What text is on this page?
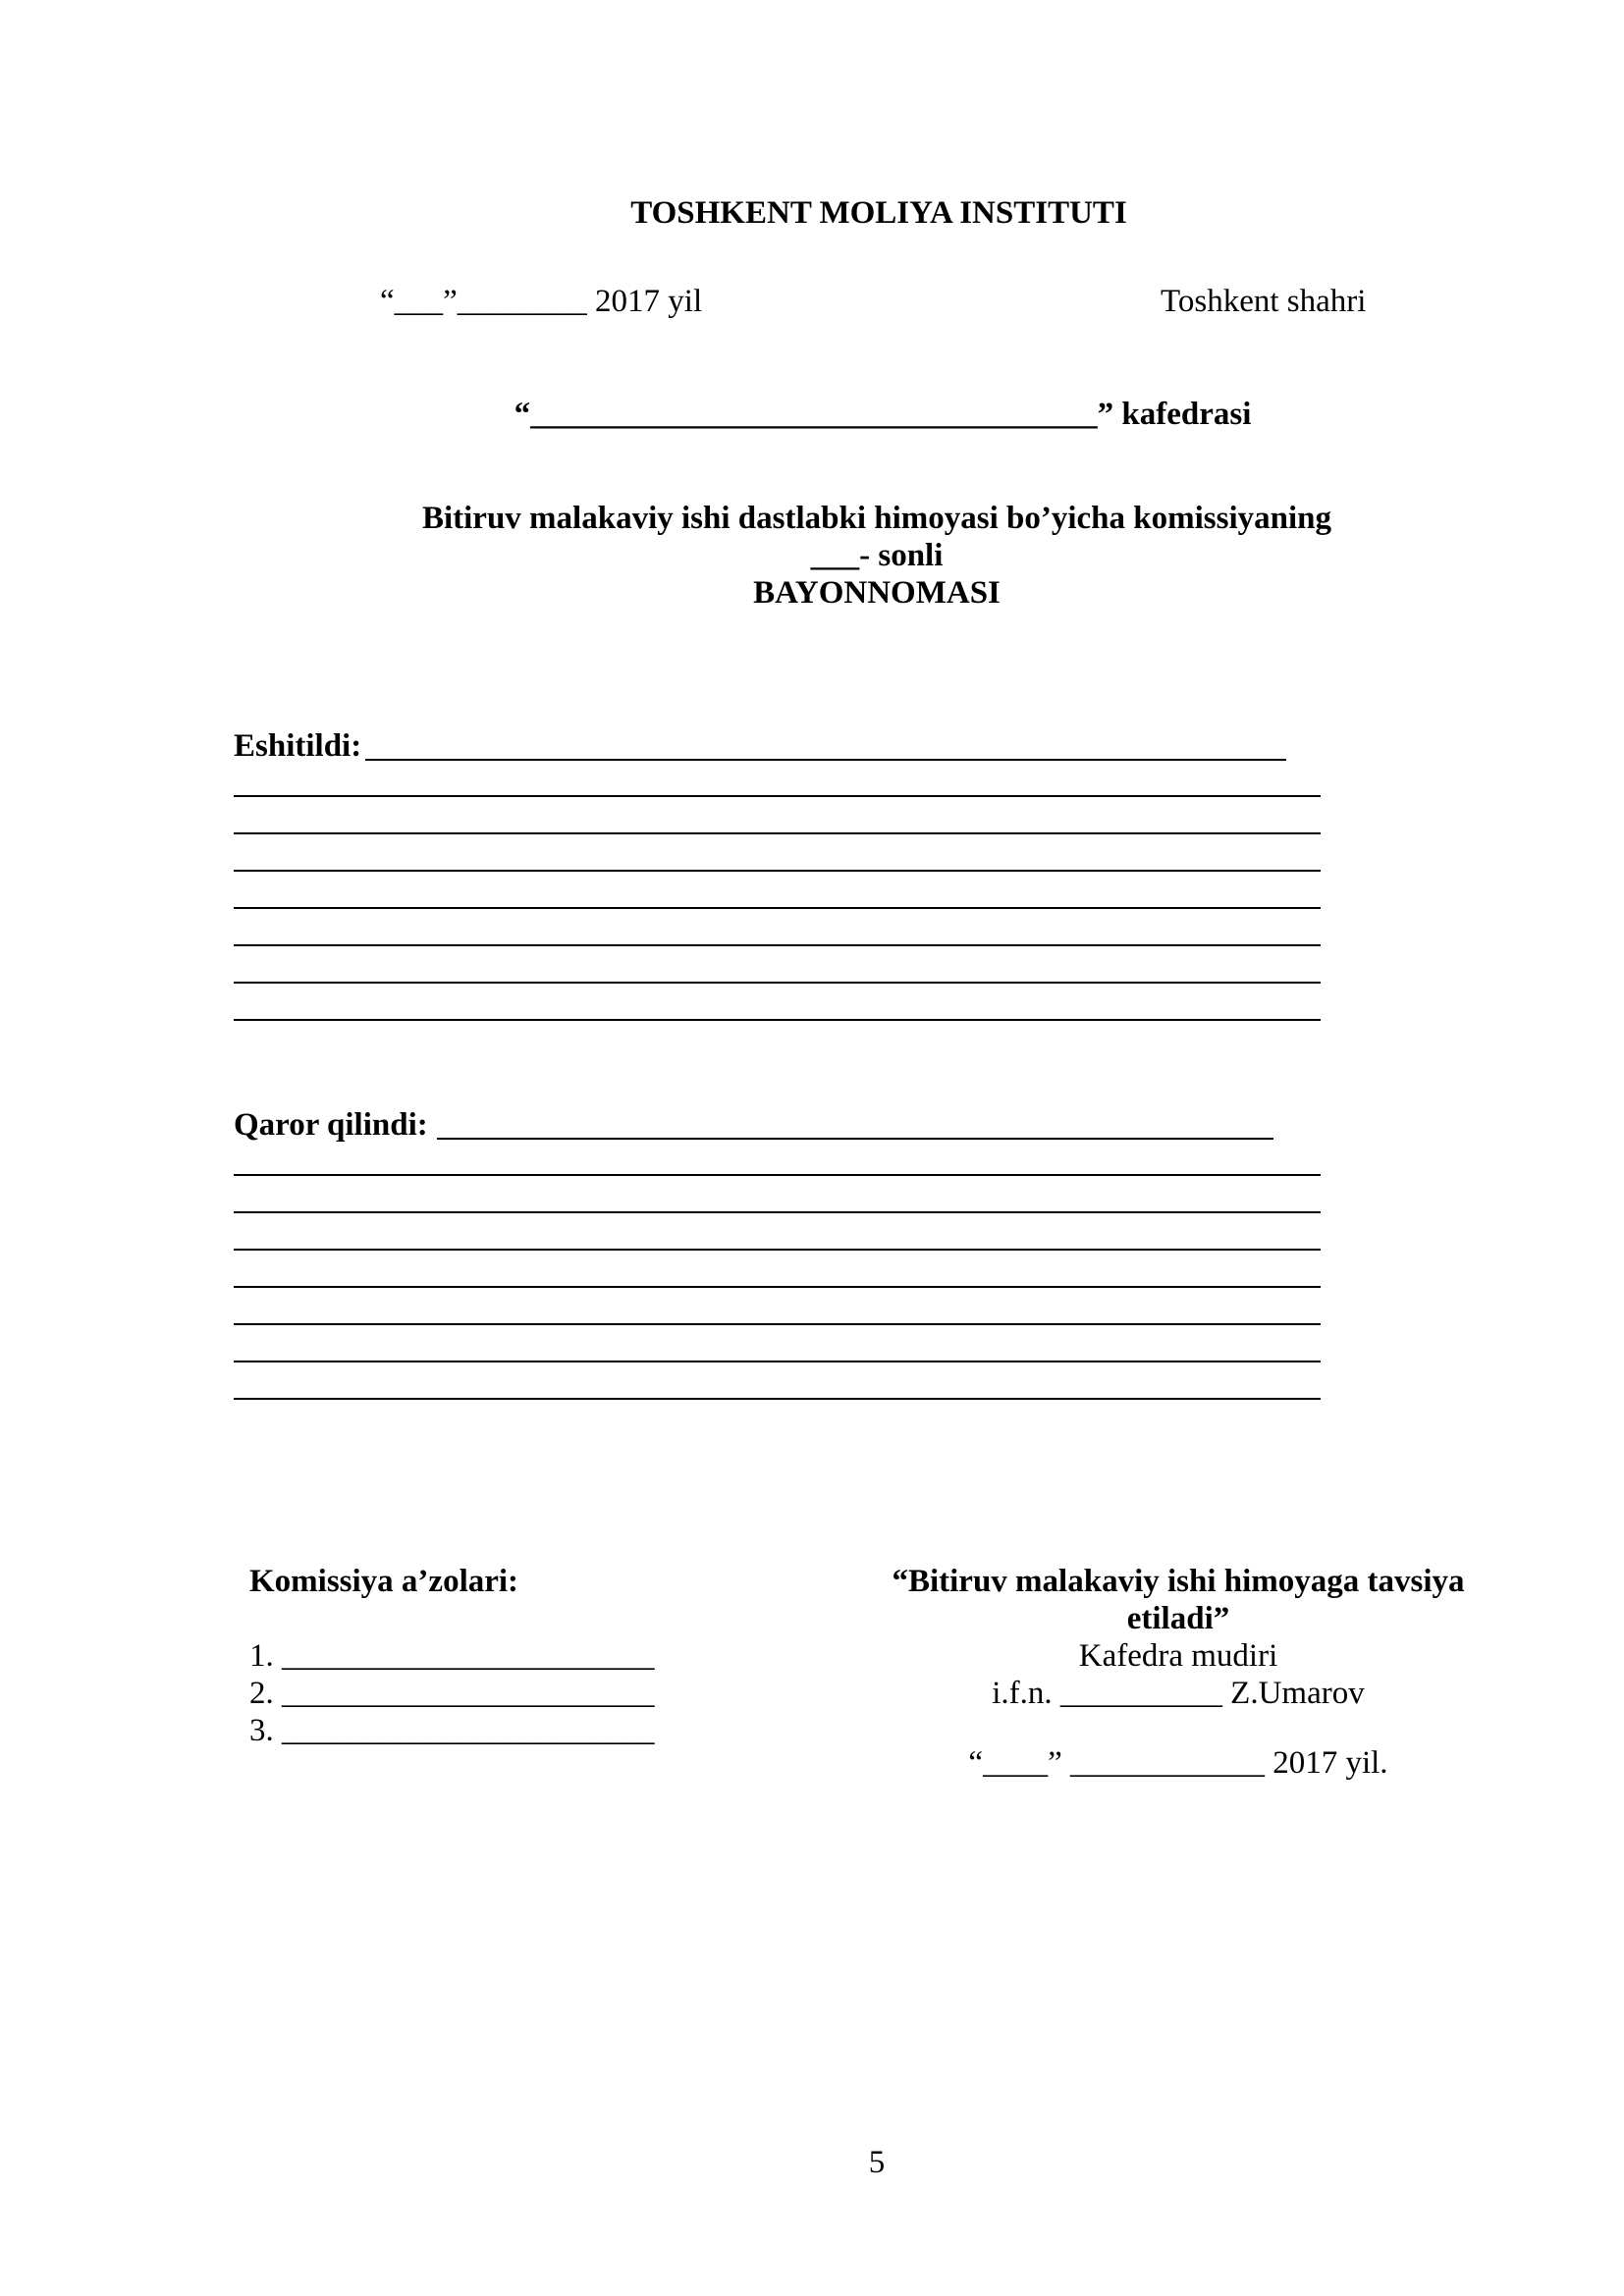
TOSHKENT MOLIYA INSTITUTI
“___”________ 2017 yil	Toshkent shahri
“___________________________________” kafedrasi
Bitiruv malakaviy ishi dastlabki himoyasi bo’yicha komissiyaning
___- sonli
BAYONNOMASI
Eshitildi:
Qaror qilindi:
Komissiya a’zolari:
1. _______________________
2. _______________________
3. _______________________
“Bitiruv malakaviy ishi himoyaga tavsiya
etiladi”
Kafedra mudiri
i.f.n. __________ Z.Umarov
“____” ____________ 2017 yil.
5
